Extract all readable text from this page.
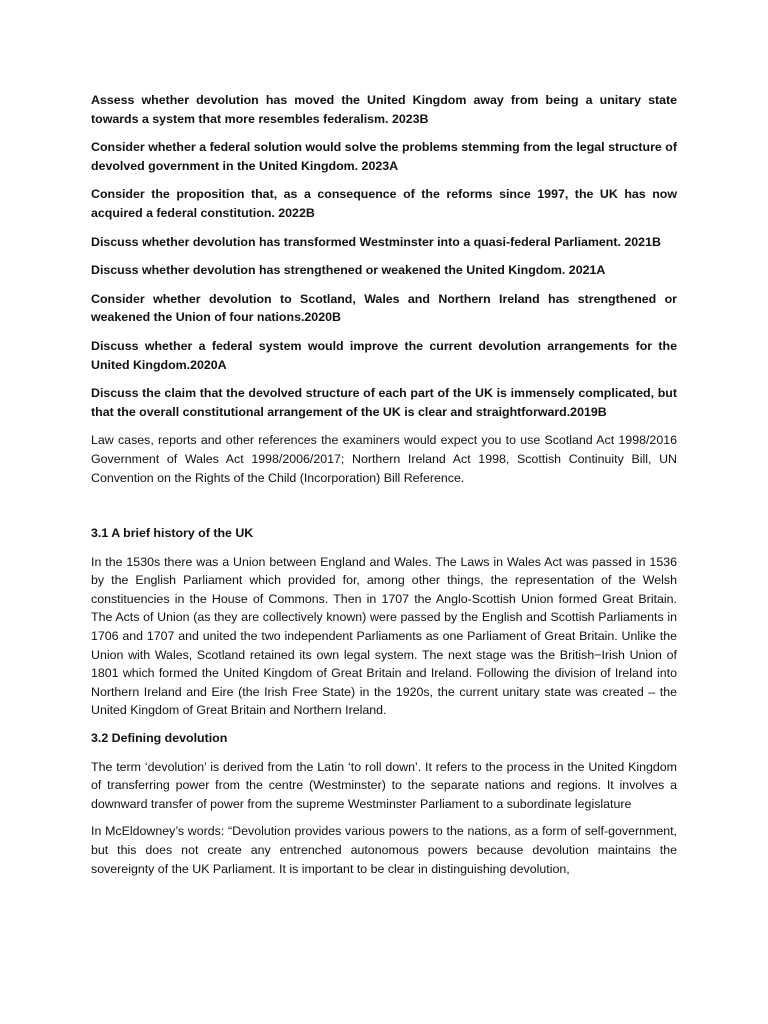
Assess whether devolution has moved the United Kingdom away from being a unitary state towards a system that more resembles federalism. 2023B

Consider whether a federal solution would solve the problems stemming from the legal structure of devolved government in the United Kingdom. 2023A

Consider the proposition that, as a consequence of the reforms since 1997, the UK has now acquired a federal constitution. 2022B

Discuss whether devolution has transformed Westminster into a quasi-federal Parliament. 2021B

Discuss whether devolution has strengthened or weakened the United Kingdom. 2021A

Consider whether devolution to Scotland, Wales and Northern Ireland has strengthened or weakened the Union of four nations.2020B

Discuss whether a federal system would improve the current devolution arrangements for the United Kingdom.2020A

Discuss the claim that the devolved structure of each part of the UK is immensely complicated, but that the overall constitutional arrangement of the UK is clear and straightforward.2019B

Law cases, reports and other references the examiners would expect you to use Scotland Act 1998/2016 Government of Wales Act 1998/2006/2017; Northern Ireland Act 1998, Scottish Continuity Bill, UN Convention on the Rights of the Child (Incorporation) Bill Reference.

3.1 A brief history of the UK

In the 1530s there was a Union between England and Wales. The Laws in Wales Act was passed in 1536 by the English Parliament which provided for, among other things, the representation of the Welsh constituencies in the House of Commons. Then in 1707 the Anglo-Scottish Union formed Great Britain. The Acts of Union (as they are collectively known) were passed by the English and Scottish Parliaments in 1706 and 1707 and united the two independent Parliaments as one Parliament of Great Britain. Unlike the Union with Wales, Scotland retained its own legal system. The next stage was the British−Irish Union of 1801 which formed the United Kingdom of Great Britain and Ireland. Following the division of Ireland into Northern Ireland and Eire (the Irish Free State) in the 1920s, the current unitary state was created – the United Kingdom of Great Britain and Northern Ireland.

3.2 Defining devolution

The term ‘devolution’ is derived from the Latin ‘to roll down’. It refers to the process in the United Kingdom of transferring power from the centre (Westminster) to the separate nations and regions. It involves a downward transfer of power from the supreme Westminster Parliament to a subordinate legislature

In McEldowney’s words: “Devolution provides various powers to the nations, as a form of self-government, but this does not create any entrenched autonomous powers because devolution maintains the sovereignty of the UK Parliament. It is important to be clear in distinguishing devolution,
